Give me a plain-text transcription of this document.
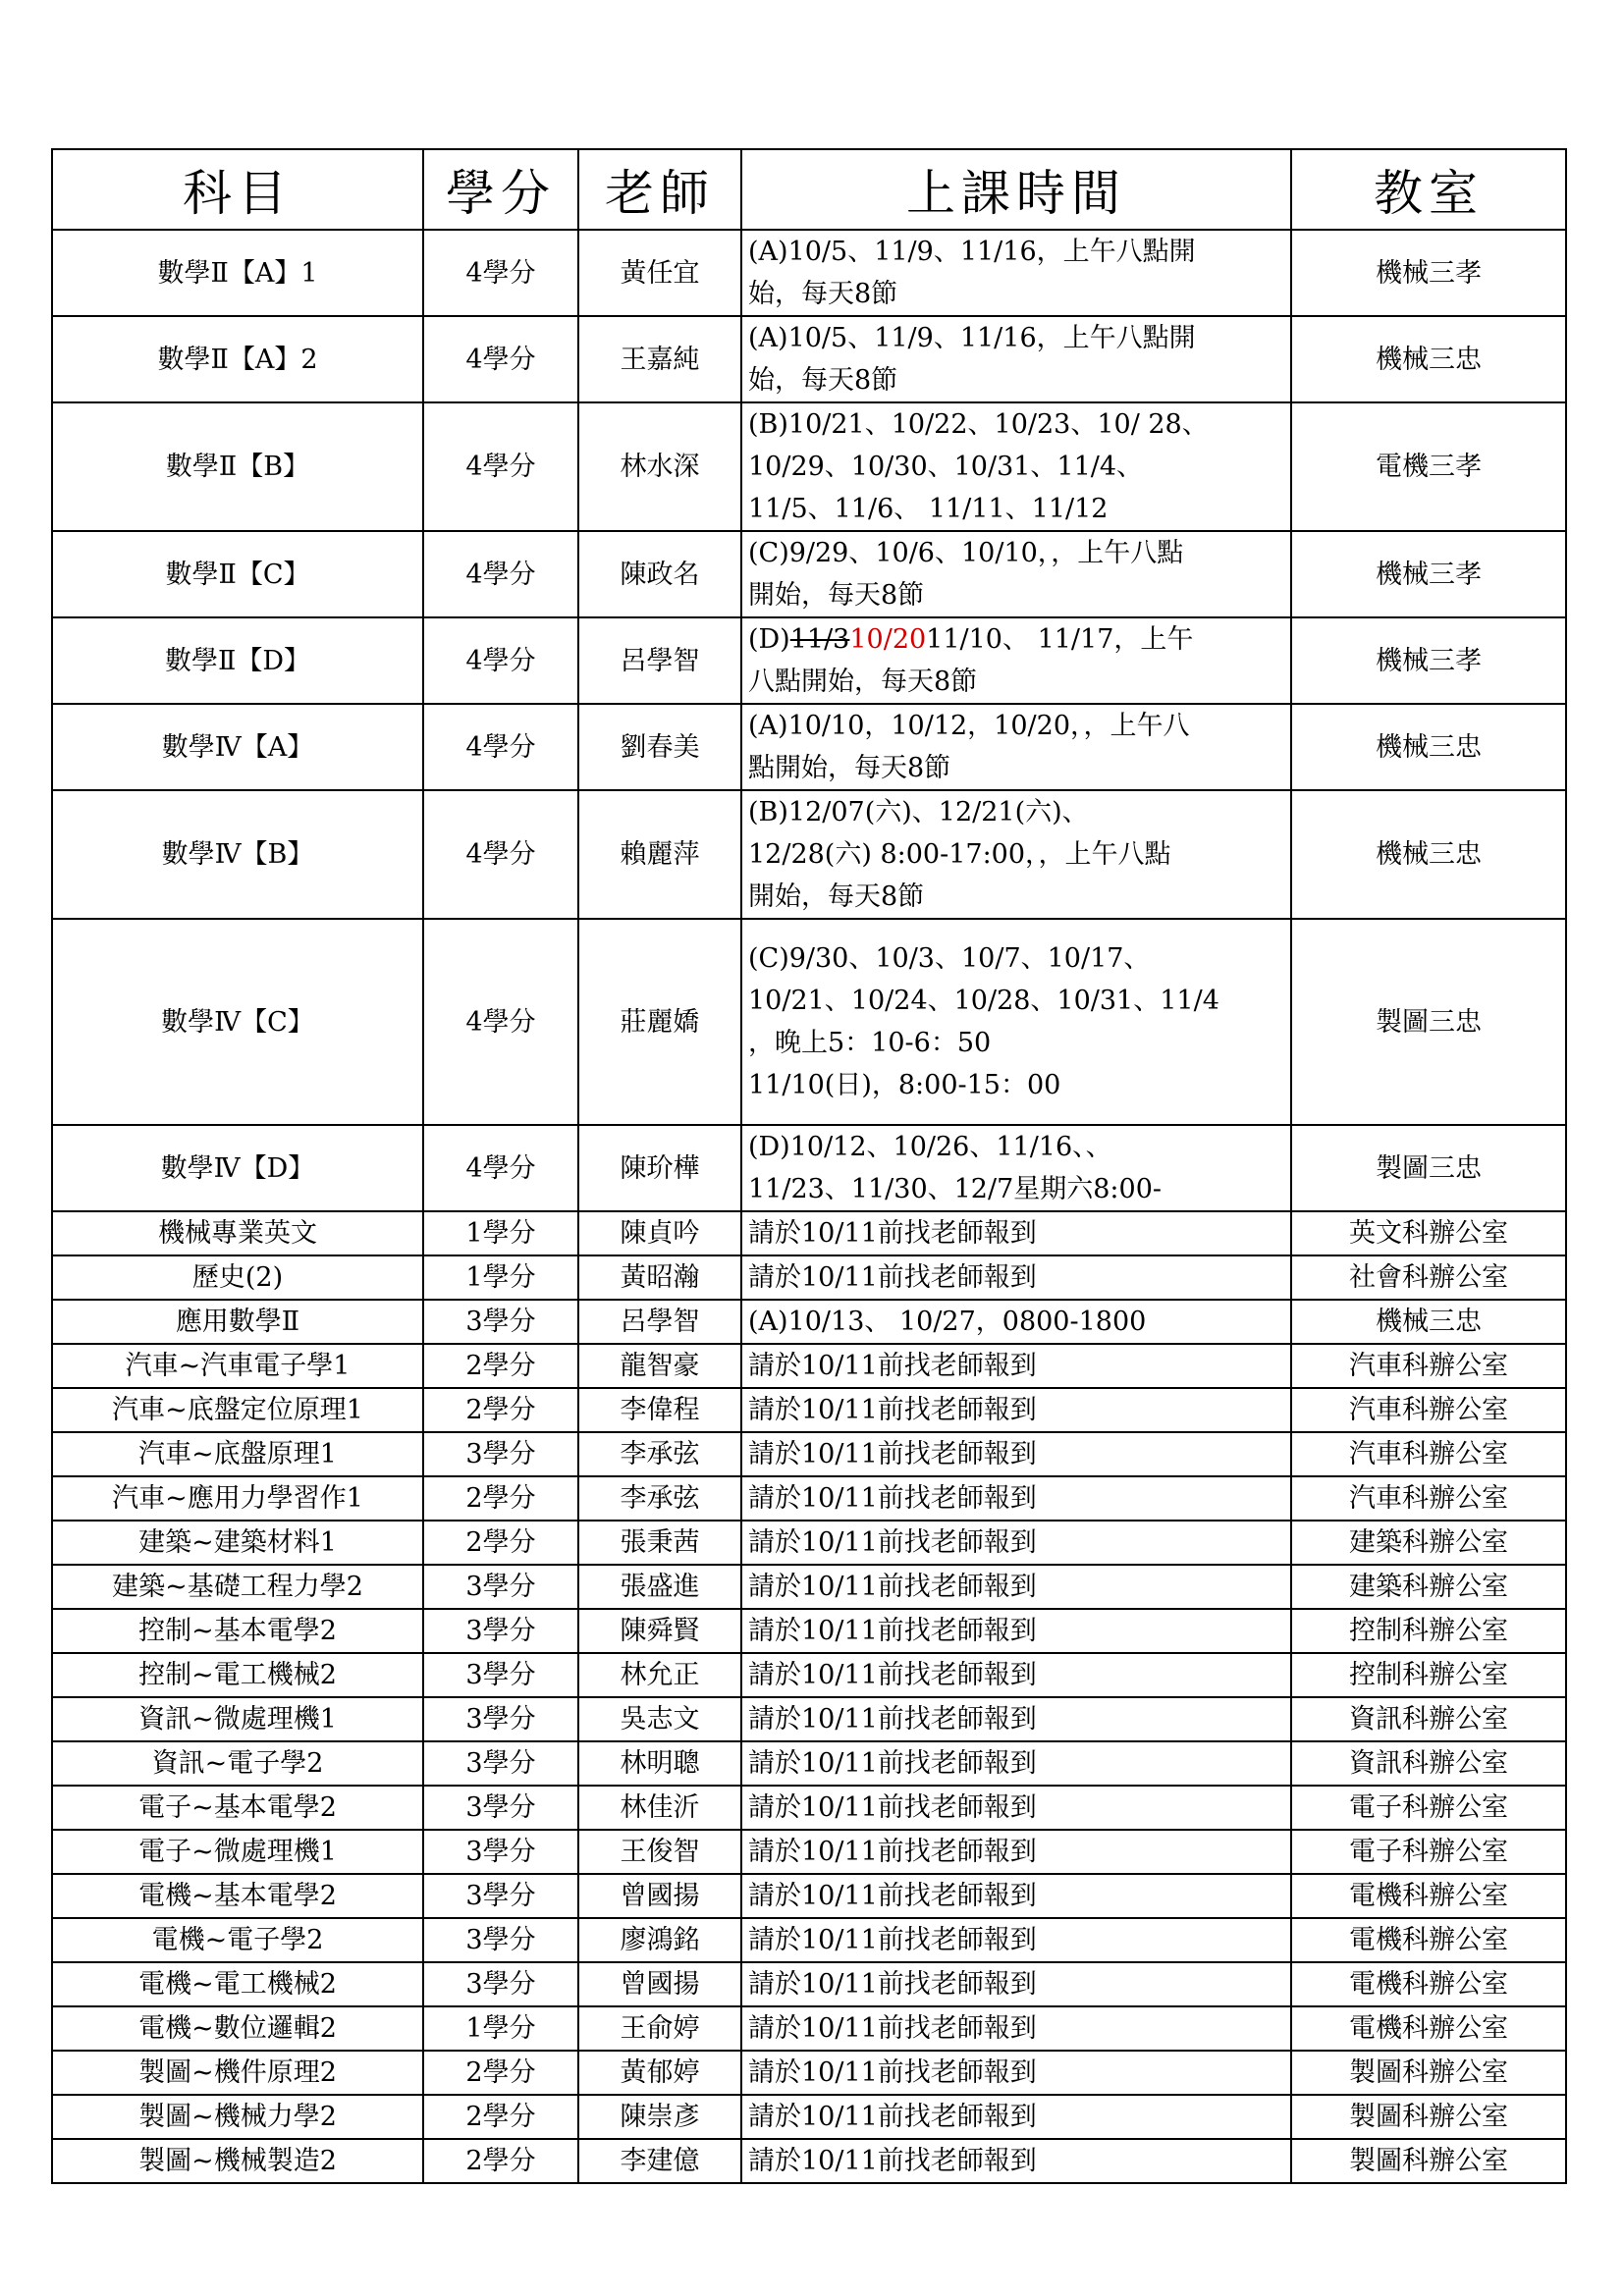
科目	學分	老師	上課時間	教室
數學Ⅱ【A】1	4學分	黃任宜	(A)10/5、11/9、11/16，上午八點開
始，每天8節	機械三孝
數學Ⅱ【A】2	4學分	王嘉純	(A)10/5、11/9、11/16，上午八點開
始，每天8節	機械三忠
數學Ⅱ【B】	4學分	林水深	(B)10/21、10/22、10/23、10/ 28、
10/29、10/30、10/31、11/4、
11/5、11/6、 11/11、11/12	電機三孝
數學Ⅱ【C】	4學分	陳政名	(C)9/29、10/6、10/10，，上午八點
開始，每天8節	機械三孝
數學Ⅱ【D】	4學分	呂學智	(D)11/310/2011/10、 11/17，上午
八點開始，每天8節	機械三孝
數學Ⅳ【A】	4學分	劉春美	(A)10/10，10/12，10/20，，上午八
點開始，每天8節	機械三忠
數學Ⅳ【B】	4學分	賴麗萍	(B)12/07(六)、12/21(六)、
12/28(六) 8:00-17:00，，上午八點
開始，每天8節	機械三忠
數學Ⅳ【C】	4學分	莊麗嬌	(C)9/30、10/3、10/7、10/17、
10/21、10/24、10/28、10/31、11/4
，晚上5：10-6：50
11/10(日)，8:00-15：00	製圖三忠
數學Ⅳ【D】	4學分	陳玠樺	(D)10/12、10/26、11/16、、
11/23、11/30、12/7星期六8:00-	製圖三忠
機械專業英文	1學分	陳貞吟	請於10/11前找老師報到	英文科辦公室
歷史(2)	1學分	黃昭瀚	請於10/11前找老師報到	社會科辦公室
應用數學Ⅱ	3學分	呂學智	(A)10/13、 10/27，0800-1800	機械三忠
汽車~汽車電子學1	2學分	龍智豪	請於10/11前找老師報到	汽車科辦公室
汽車~底盤定位原理1	2學分	李偉程	請於10/11前找老師報到	汽車科辦公室
汽車~底盤原理1	3學分	李承弦	請於10/11前找老師報到	汽車科辦公室
汽車~應用力學習作1	2學分	李承弦	請於10/11前找老師報到	汽車科辦公室
建築~建築材料1	2學分	張秉茜	請於10/11前找老師報到	建築科辦公室
建築~基礎工程力學2	3學分	張盛進	請於10/11前找老師報到	建築科辦公室
控制~基本電學2	3學分	陳舜賢	請於10/11前找老師報到	控制科辦公室
控制~電工機械2	3學分	林允正	請於10/11前找老師報到	控制科辦公室
資訊~微處理機1	3學分	吳志文	請於10/11前找老師報到	資訊科辦公室
資訊~電子學2	3學分	林明聰	請於10/11前找老師報到	資訊科辦公室
電子~基本電學2	3學分	林佳沂	請於10/11前找老師報到	電子科辦公室
電子~微處理機1	3學分	王俊智	請於10/11前找老師報到	電子科辦公室
電機~基本電學2	3學分	曾國揚	請於10/11前找老師報到	電機科辦公室
電機~電子學2	3學分	廖鴻銘	請於10/11前找老師報到	電機科辦公室
電機~電工機械2	3學分	曾國揚	請於10/11前找老師報到	電機科辦公室
電機~數位邏輯2	1學分	王俞婷	請於10/11前找老師報到	電機科辦公室
製圖~機件原理2	2學分	黃郁婷	請於10/11前找老師報到	製圖科辦公室
製圖~機械力學2	2學分	陳崇彥	請於10/11前找老師報到	製圖科辦公室
製圖~機械製造2	2學分	李建億	請於10/11前找老師報到	製圖科辦公室
